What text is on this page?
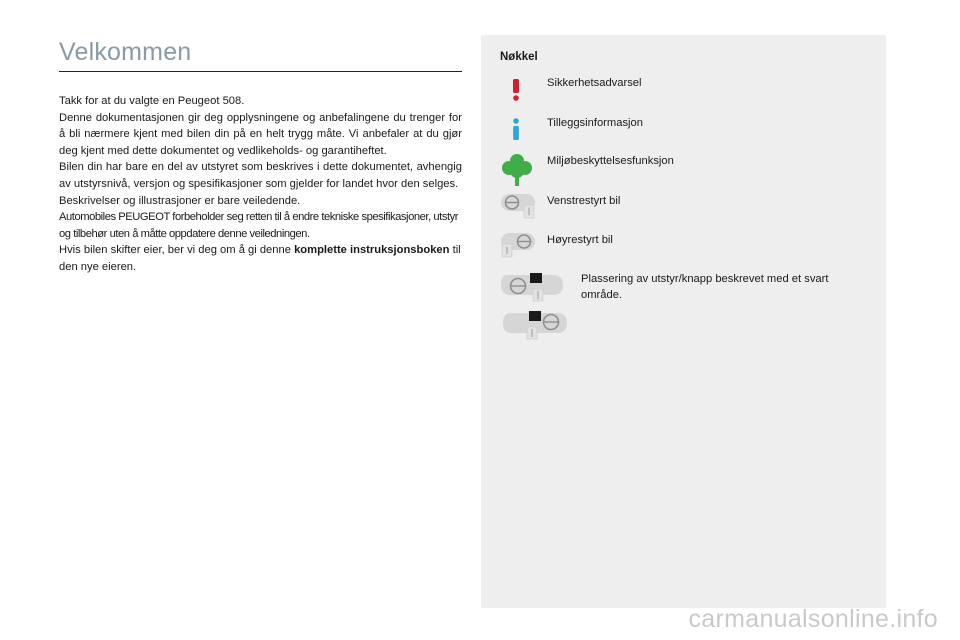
Velkommen

Takk for at du valgte en Peugeot 508.

Denne dokumentasjonen gir deg opplysningene og anbefalingene du trenger for å bli nærmere kjent med bilen din på en helt trygg måte. Vi anbefaler at du gjør deg kjent med dette dokumentet og vedlikeholds- og garantiheftet.

Bilen din har bare en del av utstyret som beskrives i dette dokumentet, avhengig av utstyrsnivå, versjon og spesifikasjoner som gjelder for landet hvor den selges.

Beskrivelser og illustrasjoner er bare veiledende.

Automobiles PEUGEOT forbeholder seg retten til å endre tekniske spesifikasjoner, utstyr og tilbehør uten å måtte oppdatere denne veiledningen.

Hvis bilen skifter eier, ber vi deg om å gi denne komplette instruksjonsboken til den nye eieren.

Nøkkel
Sikkerhetsadvarsel
Tilleggsinformasjon
Miljøbeskyttelsesfunksjon
Venstrestyrt bil
Høyrestyrt bil
Plassering av utstyr/knapp beskrevet med et svart område.
carmanualsonline.info
